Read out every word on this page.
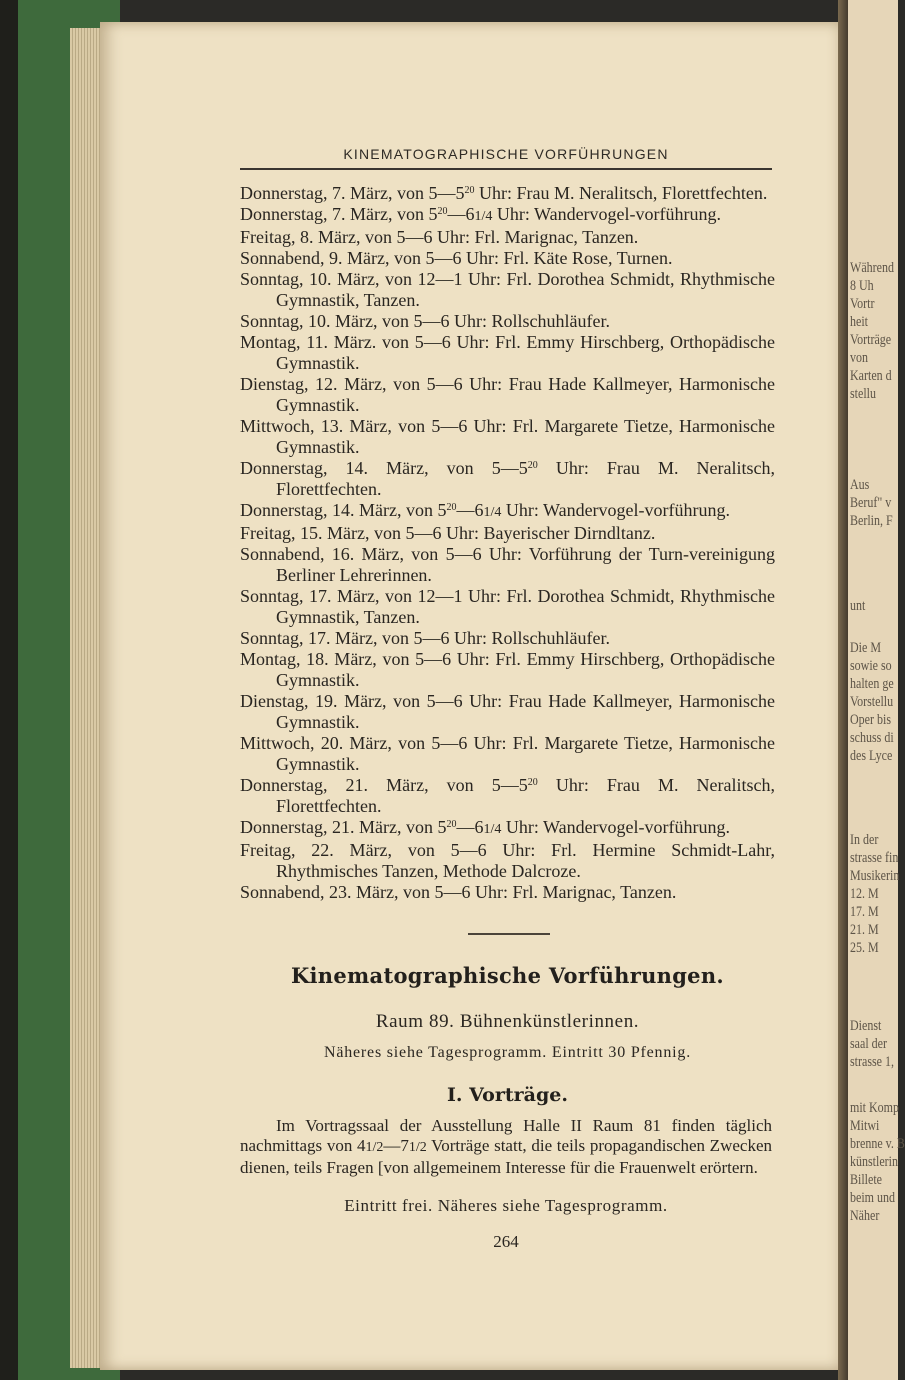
Während
8 Uh
Vortr
heit
Vorträge
von
Karten d
stellu
Aus
Beruf" v
Berlin, F
unt
Die M
sowie so
halten ge
Vorstellu
Oper bis
schuss di
des Lyce
In der
strasse fin
Musikerin
12. M
17. M
21. M
25. M
Dienst
saal der
strasse 1,
mit Komp
Mitwi
brenne v. B
künstlerin
Billete
beim und
Näher
KINEMATOGRAPHISCHE VORFÜHRUNGEN

Donnerstag, 7. März, von $5—5^{20}$ Uhr: Frau M. Neralitsch, Florettfechten.

Donnerstag, 7. März, von $5^{20}—61/4$ Uhr: Wandervogel-vorführung.

Freitag, 8. März, von 5—6 Uhr: Frl. Marignac, Tanzen.

Sonnabend, 9. März, von 5—6 Uhr: Frl. Käte Rose, Turnen.

Sonntag, 10. März, von 12—1 Uhr: Frl. Dorothea Schmidt, Rhythmische Gymnastik, Tanzen.

Sonntag, 10. März, von 5—6 Uhr: Rollschuhläufer.

Montag, 11. März. von 5—6 Uhr: Frl. Emmy Hirschberg, Orthopädische Gymnastik.

Dienstag, 12. März, von 5—6 Uhr: Frau Hade Kallmeyer, Harmonische Gymnastik.

Mittwoch, 13. März, von 5—6 Uhr: Frl. Margarete Tietze, Harmonische Gymnastik.

Donnerstag, 14. März, von $5—5^{20}$ Uhr: Frau M. Neralitsch, Florettfechten.

Donnerstag, 14. März, von $5^{20}—61/4$ Uhr: Wandervogel-vorführung.

Freitag, 15. März, von 5—6 Uhr: Bayerischer Dirndltanz.

Sonnabend, 16. März, von 5—6 Uhr: Vorführung der Turn-vereinigung Berliner Lehrerinnen.

Sonntag, 17. März, von 12—1 Uhr: Frl. Dorothea Schmidt, Rhythmische Gymnastik, Tanzen.

Sonntag, 17. März, von 5—6 Uhr: Rollschuhläufer.

Montag, 18. März, von 5—6 Uhr: Frl. Emmy Hirschberg, Orthopädische Gymnastik.

Dienstag, 19. März, von 5—6 Uhr: Frau Hade Kallmeyer, Harmonische Gymnastik.

Mittwoch, 20. März, von 5—6 Uhr: Frl. Margarete Tietze, Harmonische Gymnastik.

Donnerstag, 21. März, von $5—5^{20}$ Uhr: Frau M. Neralitsch, Florettfechten.

Donnerstag, 21. März, von $5^{20}—61/4$ Uhr: Wandervogel-vorführung.

Freitag, 22. März, von 5—6 Uhr: Frl. Hermine Schmidt-Lahr, Rhythmisches Tanzen, Methode Dalcroze.

Sonnabend, 23. März, von 5—6 Uhr: Frl. Marignac, Tanzen.

Kinematographische Vorführungen.
Raum 89. Bühnenkünstlerinnen.
Näheres siehe Tagesprogramm. Eintritt 30 Pfennig.
I. Vorträge.

Im Vortragssaal der Ausstellung Halle II Raum 81 finden täglich nachmittags von 41/2—71/2 Vorträge statt, die teils propagandischen Zwecken dienen, teils Fragen [von allgemeinem Interesse für die Frauenwelt erörtern.

Eintritt frei. Näheres siehe Tagesprogramm.
264
